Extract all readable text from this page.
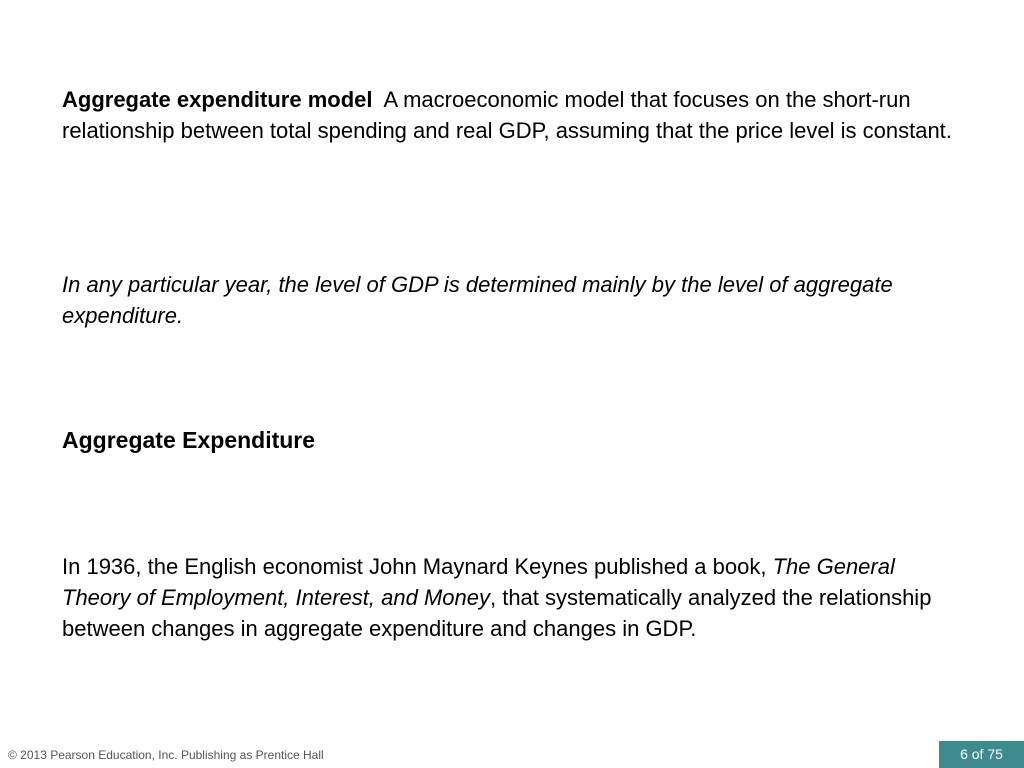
Aggregate expenditure model A macroeconomic model that focuses on the short-run relationship between total spending and real GDP, assuming that the price level is constant.

In any particular year, the level of GDP is determined mainly by the level of aggregate expenditure.

Aggregate Expenditure

In 1936, the English economist John Maynard Keynes published a book, The General Theory of Employment, Interest, and Money, that systematically analyzed the relationship between changes in aggregate expenditure and changes in GDP.

© 2013 Pearson Education, Inc. Publishing as Prentice Hall	6 of 75
